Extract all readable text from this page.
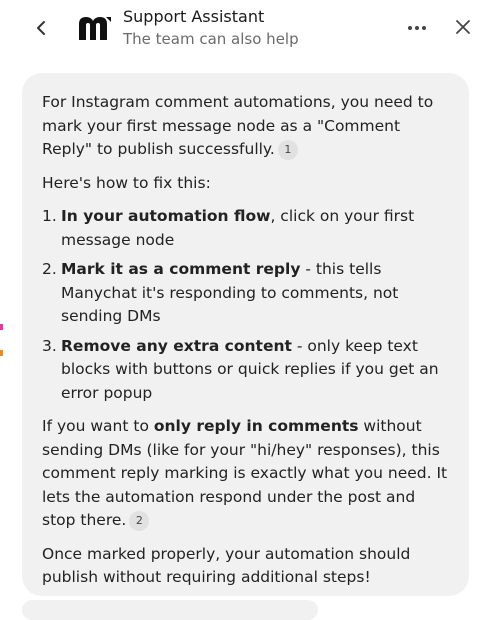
Support Assistant
The team can also help

For Instagram comment automations, you need to mark your first message node as a "Comment Reply" to publish successfully. 1

Here's how to fix this:

1. In your automation flow, click on your first message node
2. Mark it as a comment reply - this tells Manychat it's responding to comments, not sending DMs
3. Remove any extra content - only keep text blocks with buttons or quick replies if you get an error popup

If you want to only reply in comments without sending DMs (like for your "hi/hey" responses), this comment reply marking is exactly what you need. It lets the automation respond under the post and stop there. 2

Once marked properly, your automation should publish without requiring additional steps!
